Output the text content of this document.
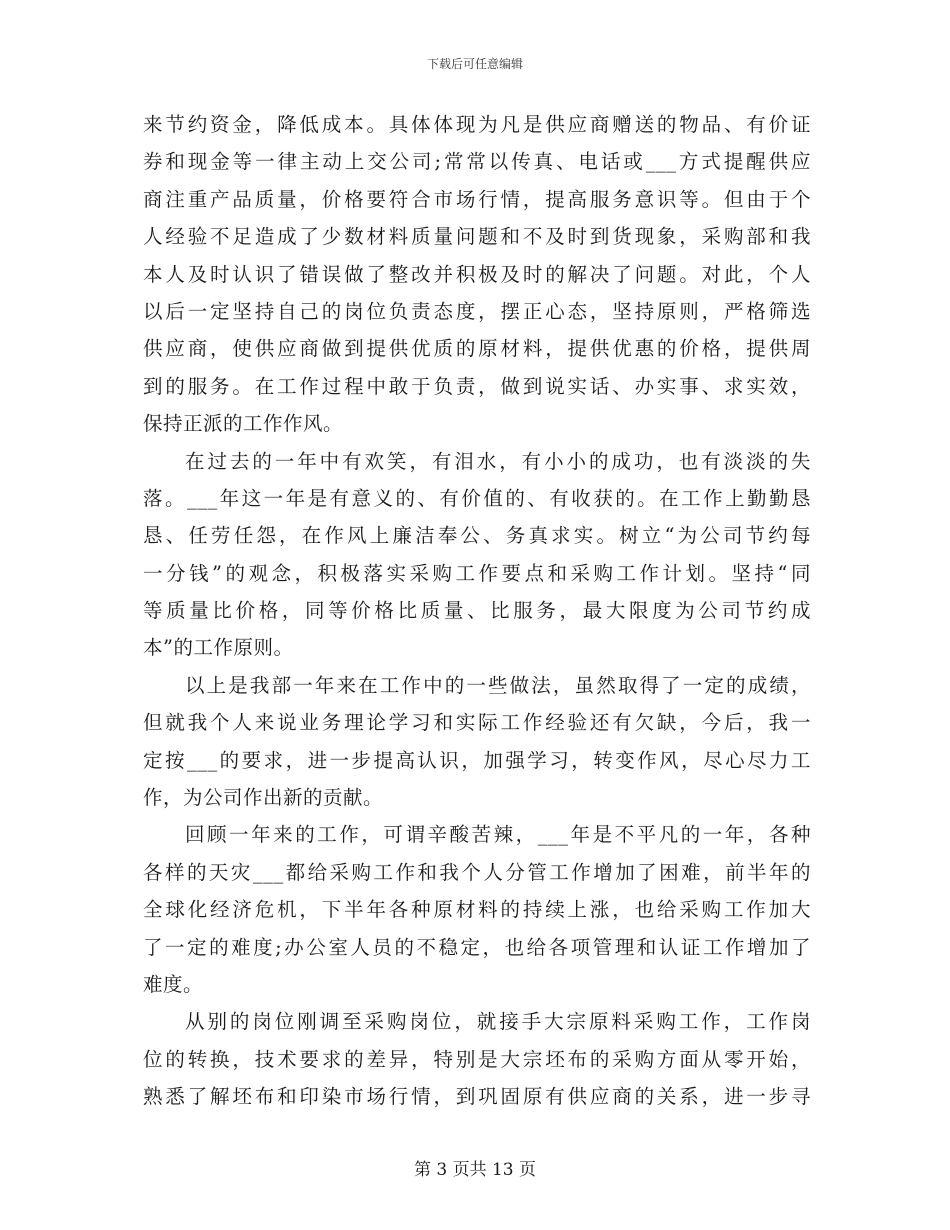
下载后可任意编辑
来节约资金，降低成本。具体体现为凡是供应商赠送的物品、有价证
券和现金等一律主动上交公司;常常以传真、电话或___方式提醒供应
商注重产品质量，价格要符合市场行情，提高服务意识等。但由于个
人经验不足造成了少数材料质量问题和不及时到货现象，采购部和我
本人及时认识了错误做了整改并积极及时的解决了问题。对此，个人
以后一定坚持自己的岗位负责态度，摆正心态，坚持原则，严格筛选
供应商，使供应商做到提供优质的原材料，提供优惠的价格，提供周
到的服务。在工作过程中敢于负责，做到说实话、办实事、求实效，
保持正派的工作作风。
在过去的一年中有欢笑，有泪水，有小小的成功，也有淡淡的失
落。___年这一年是有意义的、有价值的、有收获的。在工作上勤勤恳
恳、任劳任怨，在作风上廉洁奉公、务真求实。树立“为公司节约每
一分钱”的观念，积极落实采购工作要点和采购工作计划。坚持“同
等质量比价格，同等价格比质量、比服务，最大限度为公司节约成
本”的工作原则。
以上是我部一年来在工作中的一些做法，虽然取得了一定的成绩，
但就我个人来说业务理论学习和实际工作经验还有欠缺，今后，我一
定按___的要求，进一步提高认识，加强学习，转变作风，尽心尽力工
作，为公司作出新的贡献。
回顾一年来的工作，可谓辛酸苦辣，___年是不平凡的一年，各种
各样的天灾___都给采购工作和我个人分管工作增加了困难，前半年的
全球化经济危机，下半年各种原材料的持续上涨，也给采购工作加大
了一定的难度;办公室人员的不稳定，也给各项管理和认证工作增加了
难度。
从别的岗位刚调至采购岗位，就接手大宗原料采购工作，工作岗
位的转换，技术要求的差异，特别是大宗坯布的采购方面从零开始，
熟悉了解坯布和印染市场行情，到巩固原有供应商的关系，进一步寻
第 3 页共 13 页
